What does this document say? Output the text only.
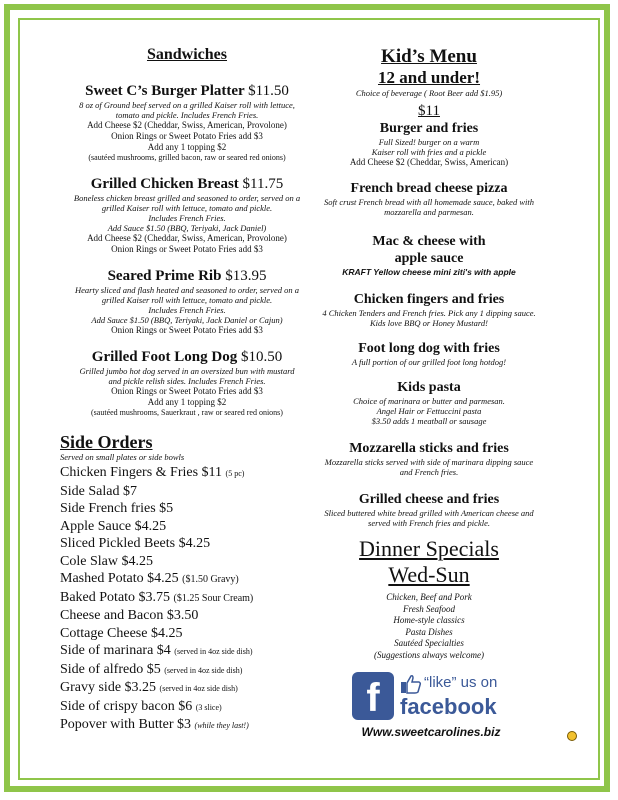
Sandwiches
Sweet C’s Burger Platter $11.50
8 oz of Ground beef served on a grilled Kaiser roll with lettuce,
tomato and pickle. Includes French Fries.
Add Cheese $2 (Cheddar, Swiss, American, Provolone)
Onion Rings or Sweet Potato Fries add $3
Add any 1 topping $2
(sautéed mushrooms, grilled bacon, raw or seared red onions)
Grilled Chicken Breast $11.75
Boneless chicken breast grilled and seasoned to order, served on a
grilled Kaiser roll with lettuce, tomato and pickle.
Includes French Fries.
Add Sauce $1.50 (BBQ, Teriyaki, Jack Daniel)
Add Cheese $2 (Cheddar, Swiss, American, Provolone)
Onion Rings or Sweet Potato Fries add $3
Seared Prime Rib $13.95
Hearty sliced and flash heated and seasoned to order, served on a
grilled Kaiser roll with lettuce, tomato and pickle.
Includes French Fries.
Add Sauce $1.50 (BBQ, Teriyaki, Jack Daniel or Cajun)
Onion Rings or Sweet Potato Fries add $3
Grilled Foot Long Dog $10.50
Grilled jumbo hot dog served in an oversized bun with mustard
and pickle relish sides. Includes French Fries.
Onion Rings or Sweet Potato Fries add $3
Add any 1 topping $2
(sautéed mushrooms, Sauerkraut , raw or seared red onions)
Side Orders
Served on small plates or side bowls
Chicken Fingers & Fries $11 (5 pc)
Side Salad $7
Side French fries $5
Apple Sauce $4.25
Sliced Pickled Beets $4.25
Cole Slaw $4.25
Mashed Potato $4.25 ($1.50 Gravy)
Baked Potato $3.75 ($1.25 Sour Cream)
Cheese and Bacon $3.50
Cottage Cheese $4.25
Side of marinara $4 (served in 4oz side dish)
Side of alfredo $5 (served in 4oz side dish)
Gravy side $3.25 (served in 4oz side dish)
Side of crispy bacon $6 (3 slice)
Popover with Butter $3 (while they last!)
Kid’s Menu
12 and under!
Choice of beverage ( Root Beer add $1.95)
$11
Burger and fries
Full Sized! burger on a warm
Kaiser roll with fries and a pickle
Add Cheese $2 (Cheddar, Swiss, American)
French bread cheese pizza
Soft crust French bread with all homemade sauce, baked with
mozzarella and parmesan.
Mac & cheese with apple sauce
KRAFT Yellow cheese mini ziti's with apple
Chicken fingers and fries
4 Chicken Tenders and French fries. Pick any 1 dipping sauce.
Kids love BBQ or Honey Mustard!
Foot long dog with fries
A full portion of our grilled foot long hotdog!
Kids pasta
Choice of marinara or butter and parmesan.
Angel Hair or Fettuccini pasta
$3.50 adds 1 meatball or sausage
Mozzarella sticks and fries
Mozzarella sticks served with side of marinara dipping sauce
and French fries.
Grilled cheese and fries
Sliced buttered white bread grilled with American cheese and
served with French fries and pickle.
Dinner Specials
Wed-Sun
Chicken, Beef and Pork
Fresh Seafood
Home-style classics
Pasta Dishes
Sautéed Specialties
(Suggestions always welcome)
f	“like” us on
facebook
Www.sweetcarolines.biz
